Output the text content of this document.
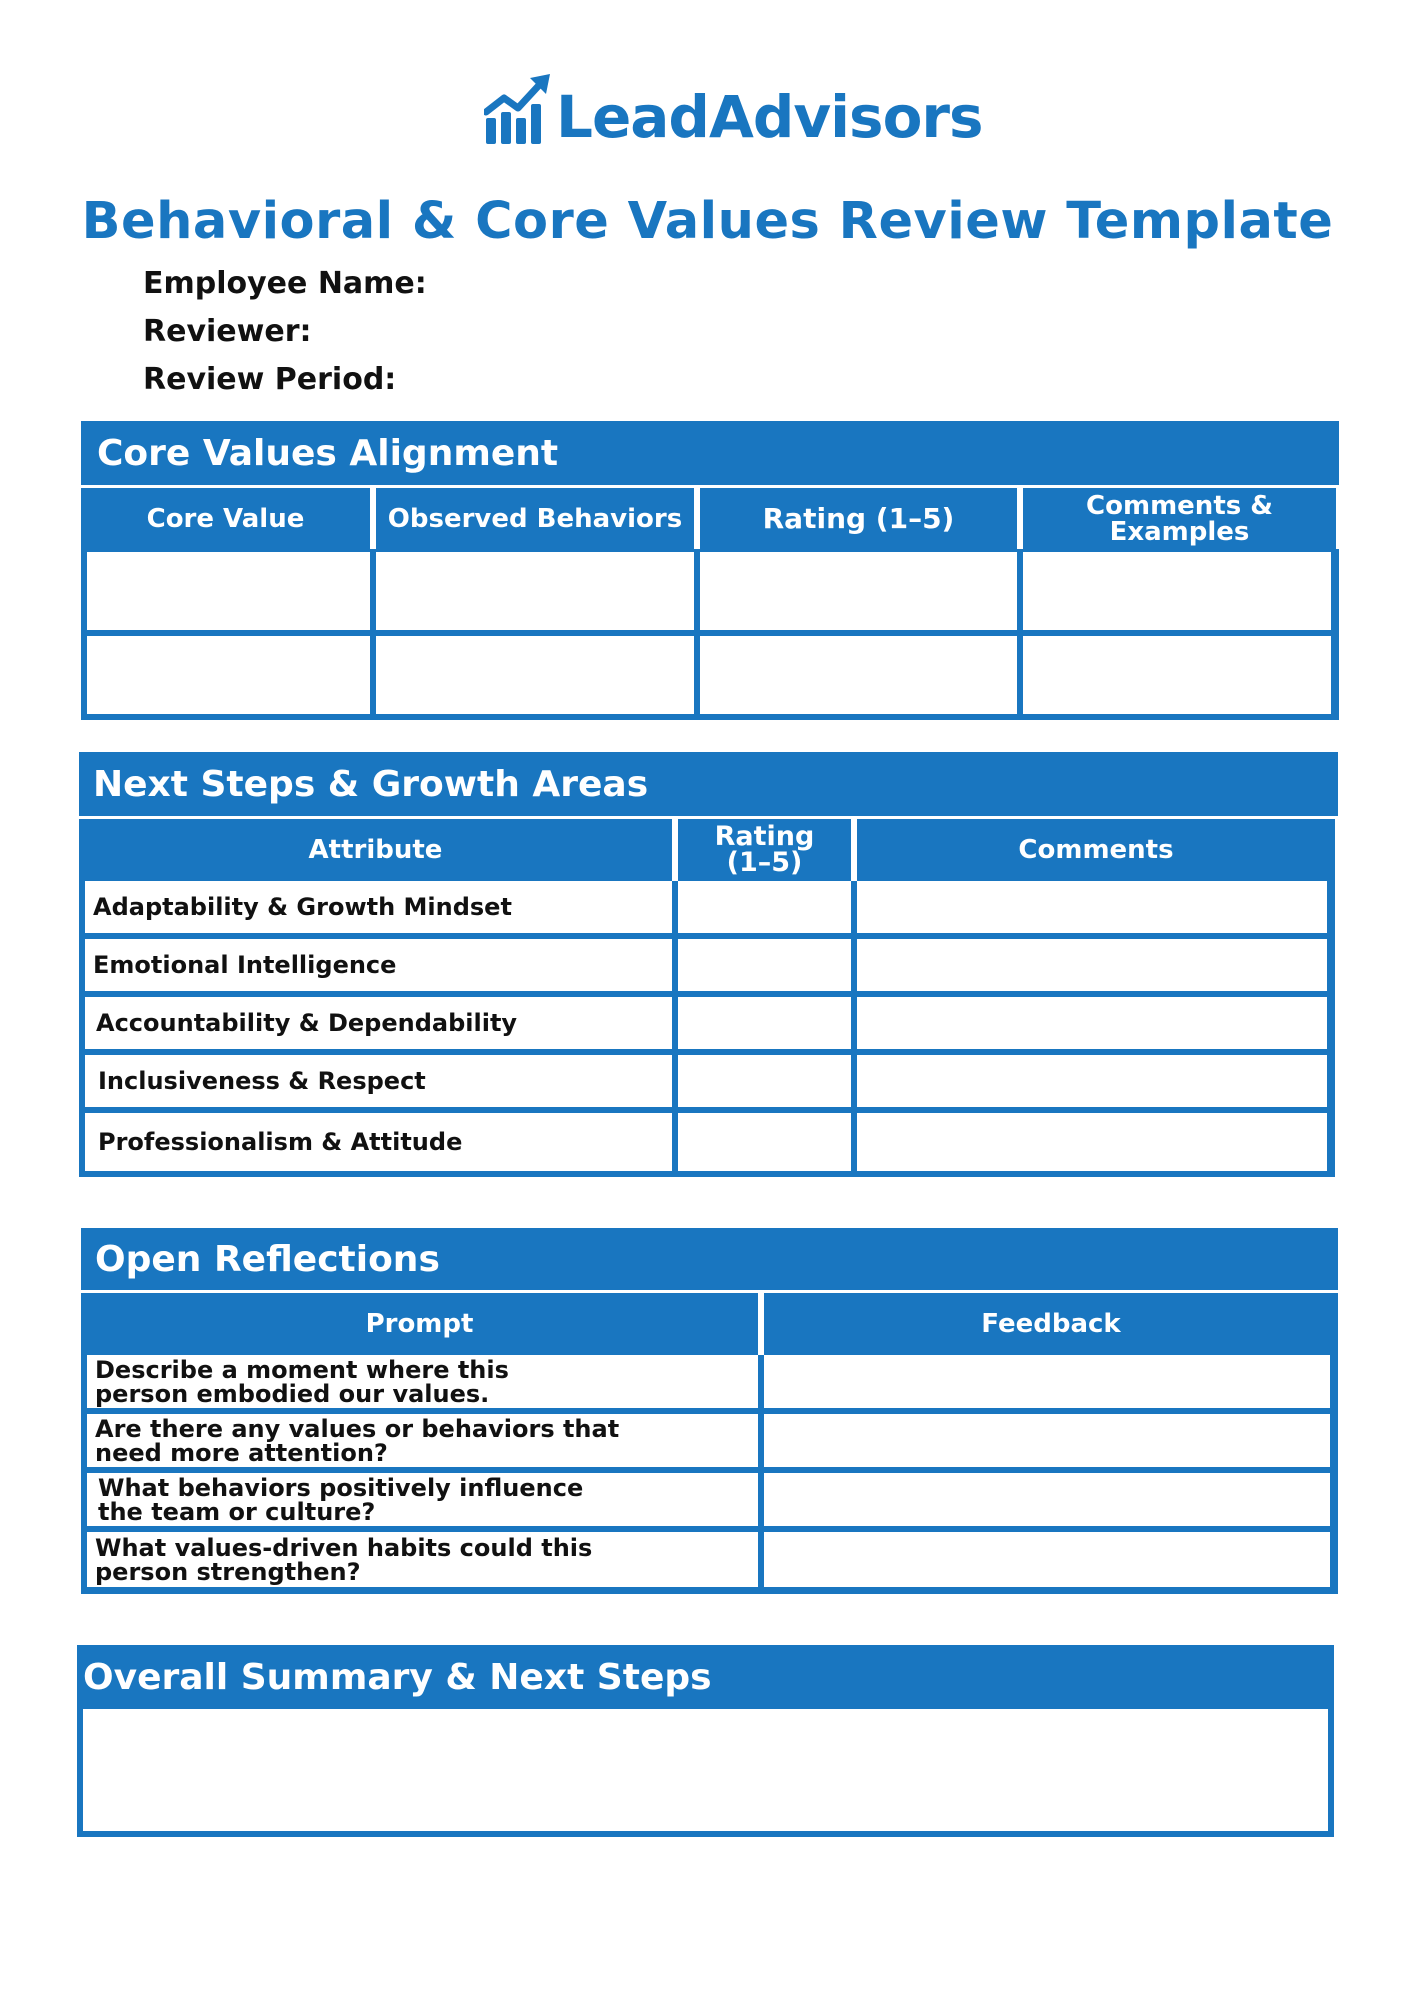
LeadAdvisors
Behavioral & Core Values Review Template
Employee Name:
Reviewer:
Review Period:
Core Values Alignment
Core Value	Observed Behaviors	Rating (1–5)	Comments & Examples
Next Steps & Growth Areas
Attribute	Rating (1–5)	Comments
Adaptability & Growth Mindset
Emotional Intelligence
Accountability & Dependability
Inclusiveness & Respect
Professionalism & Attitude
Open Reflections
Prompt	Feedback
Describe a moment where this person embodied our values.
Are there any values or behaviors that need more attention?
What behaviors positively influence the team or culture?
What values-driven habits could this person strengthen?
Overall Summary & Next Steps
